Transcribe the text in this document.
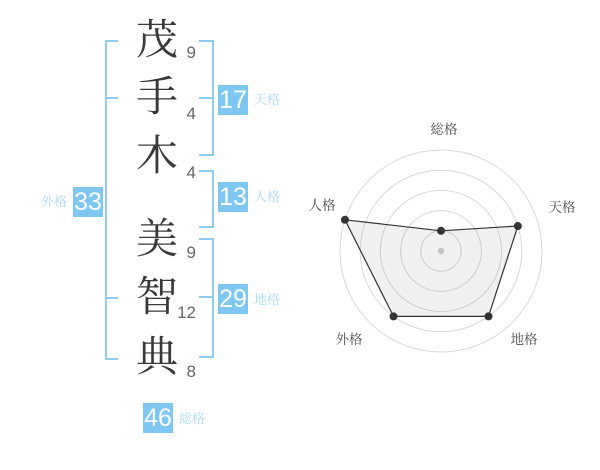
茂
手
木
美
智
典
9
4
4
9
12
8
17 天格
13 人格
29 地格
33
外格
46 総格
総格
天格
地格
外格
人格
